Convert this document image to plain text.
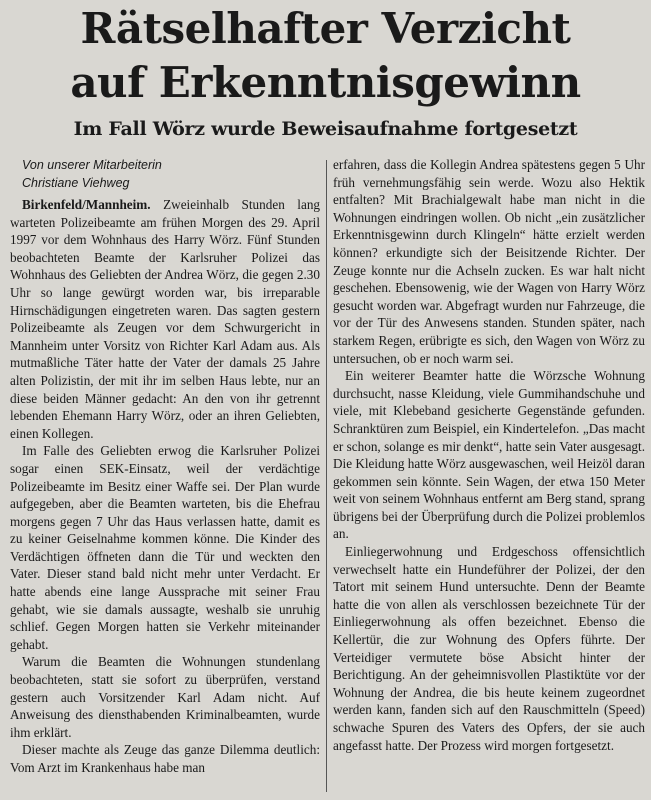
Rätselhafter Verzicht
auf Erkenntnisgewinn
Im Fall Wörz wurde Beweisaufnahme fortgesetzt
Von unserer Mitarbeiterin
Christiane Viehweg

Birkenfeld/Mannheim. Zweieinhalb Stunden lang warteten Polizeibeamte am frühen Morgen des 29. April 1997 vor dem Wohnhaus des Harry Wörz. Fünf Stunden beobachteten Beamte der Karlsruher Polizei das Wohnhaus des Geliebten der Andrea Wörz, die gegen 2.30 Uhr so lange gewürgt worden war, bis irreparable Hirnschädigungen eingetreten waren. Das sagten gestern Polizeibeamte als Zeugen vor dem Schwurgericht in Mannheim unter Vorsitz von Richter Karl Adam aus. Als mutmaßliche Täter hatte der Vater der damals 25 Jahre alten Polizistin, der mit ihr im selben Haus lebte, nur an diese beiden Männer gedacht: An den von ihr getrennt lebenden Ehemann Harry Wörz, oder an ihren Geliebten, einen Kollegen.

Im Falle des Geliebten erwog die Karlsruher Polizei sogar einen SEK-Einsatz, weil der verdächtige Polizeibeamte im Besitz einer Waffe sei. Der Plan wurde aufgegeben, aber die Beamten warteten, bis die Ehefrau morgens gegen 7 Uhr das Haus verlassen hatte, damit es zu keiner Geiselnahme kommen könne. Die Kinder des Verdächtigen öffneten dann die Tür und weckten den Vater. Dieser stand bald nicht mehr unter Verdacht. Er hatte abends eine lange Aussprache mit seiner Frau gehabt, wie sie damals aussagte, weshalb sie unruhig schlief. Gegen Morgen hatten sie Verkehr miteinander gehabt.

Warum die Beamten die Wohnungen stundenlang beobachteten, statt sie sofort zu überprüfen, verstand gestern auch Vorsitzender Karl Adam nicht. Auf Anweisung des diensthabenden Kriminalbeamten, wurde ihm erklärt.

Dieser machte als Zeuge das ganze Dilemma deutlich: Vom Arzt im Krankenhaus habe man

erfahren, dass die Kollegin Andrea spätestens gegen 5 Uhr früh vernehmungsfähig sein werde. Wozu also Hektik entfalten? Mit Brachialgewalt habe man nicht in die Wohnungen eindringen wollen. Ob nicht „ein zusätzlicher Erkenntnisgewinn durch Klingeln“ hätte erzielt werden können? erkundigte sich der Beisitzende Richter. Der Zeuge konnte nur die Achseln zucken. Es war halt nicht geschehen. Ebensowenig, wie der Wagen von Harry Wörz gesucht worden war. Abgefragt wurden nur Fahrzeuge, die vor der Tür des Anwesens standen. Stunden später, nach starkem Regen, erübrigte es sich, den Wagen von Wörz zu untersuchen, ob er noch warm sei.

Ein weiterer Beamter hatte die Wörzsche Wohnung durchsucht, nasse Kleidung, viele Gummihandschuhe und viele, mit Klebeband gesicherte Gegenstände gefunden. Schranktüren zum Beispiel, ein Kindertelefon. „Das macht er schon, solange es mir denkt“, hatte sein Vater ausgesagt. Die Kleidung hatte Wörz ausgewaschen, weil Heizöl daran gekommen sein könnte. Sein Wagen, der etwa 150 Meter weit von seinem Wohnhaus entfernt am Berg stand, sprang übrigens bei der Überprüfung durch die Polizei problemlos an.

Einliegerwohnung und Erdgeschoss offensichtlich verwechselt hatte ein Hundeführer der Polizei, der den Tatort mit seinem Hund untersuchte. Denn der Beamte hatte die von allen als verschlossen bezeichnete Tür der Einliegerwohnung als offen bezeichnet. Ebenso die Kellertür, die zur Wohnung des Opfers führte. Der Verteidiger vermutete böse Absicht hinter der Berichtigung. An der geheimnisvollen Plastiktüte vor der Wohnung der Andrea, die bis heute keinem zugeordnet werden kann, fanden sich auf den Rauschmitteln (Speed) schwache Spuren des Vaters des Opfers, der sie auch angefasst hatte. Der Prozess wird morgen fortgesetzt.
